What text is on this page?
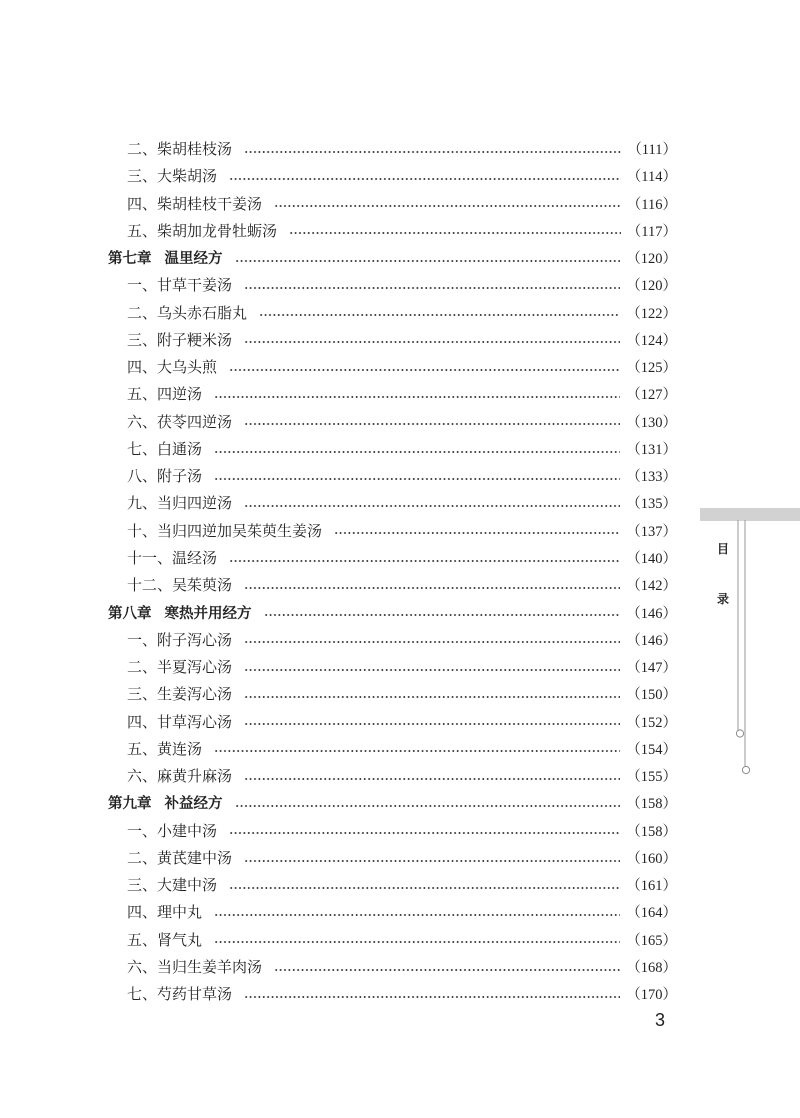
二、柴胡桂枝汤	（111）
三、大柴胡汤	（114）
四、柴胡桂枝干姜汤	（116）
五、柴胡加龙骨牡蛎汤	（117）
第七章 温里经方	（120）
一、甘草干姜汤	（120）
二、乌头赤石脂丸	（122）
三、附子粳米汤	（124）
四、大乌头煎	（125）
五、四逆汤	（127）
六、茯苓四逆汤	（130）
七、白通汤	（131）
八、附子汤	（133）
九、当归四逆汤	（135）
十、当归四逆加吴茱萸生姜汤	（137）
十一、温经汤	（140）
十二、吴茱萸汤	（142）
第八章 寒热并用经方	（146）
一、附子泻心汤	（146）
二、半夏泻心汤	（147）
三、生姜泻心汤	（150）
四、甘草泻心汤	（152）
五、黄连汤	（154）
六、麻黄升麻汤	（155）
第九章 补益经方	（158）
一、小建中汤	（158）
二、黄芪建中汤	（160）
三、大建中汤	（161）
四、理中丸	（164）
五、肾气丸	（165）
六、当归生姜羊肉汤	（168）
七、芍药甘草汤	（170）
目
录
3
